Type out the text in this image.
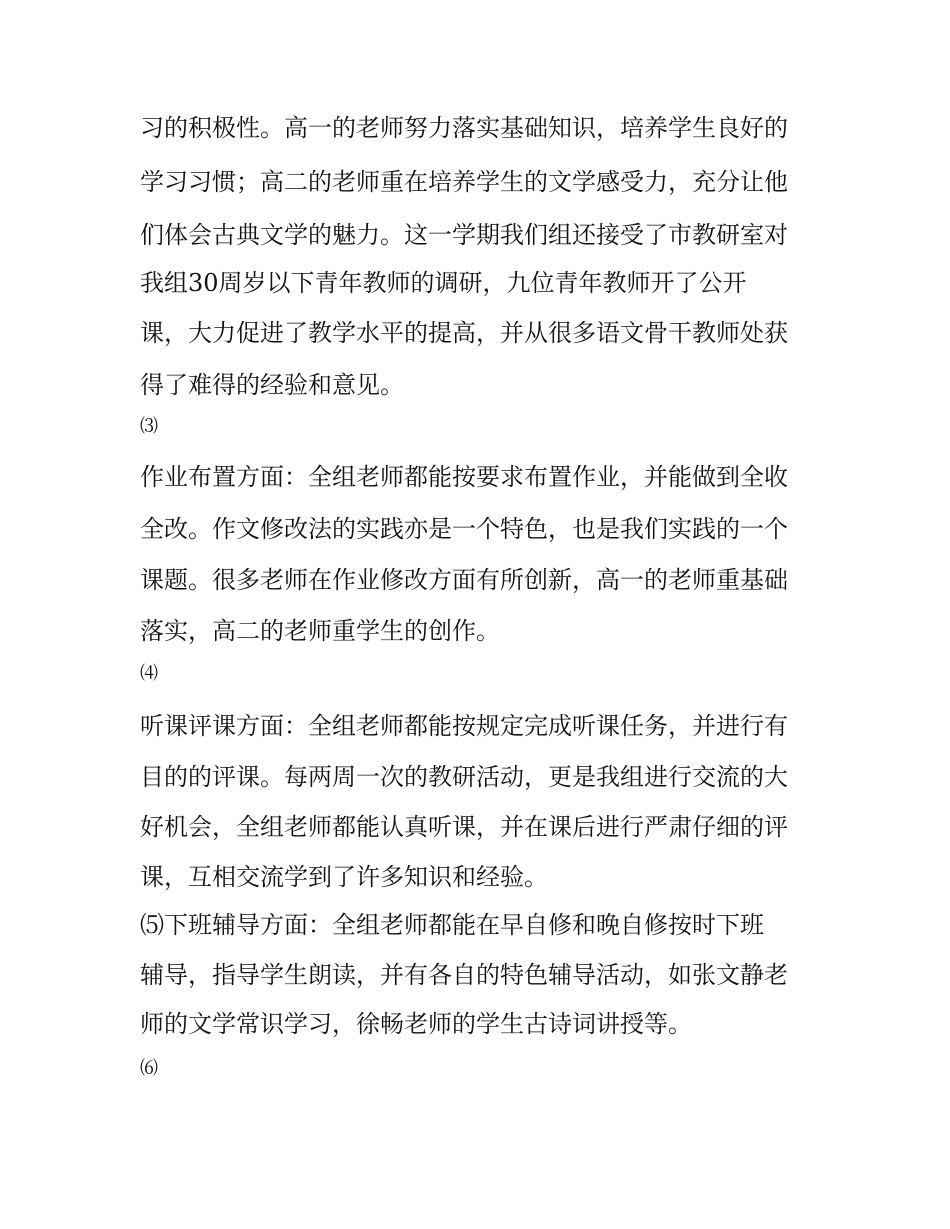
习的积极性。高一的老师努力落实基础知识，培养学生良好的
学习习惯；高二的老师重在培养学生的文学感受力，充分让他
们体会古典文学的魅力。这一学期我们组还接受了市教研室对
我组30周岁以下青年教师的调研，九位青年教师开了公开
课，大力促进了教学水平的提高，并从很多语文骨干教师处获
得了难得的经验和意见。
⑶
作业布置方面：全组老师都能按要求布置作业，并能做到全收
全改。作文修改法的实践亦是一个特色，也是我们实践的一个
课题。很多老师在作业修改方面有所创新，高一的老师重基础
落实，高二的老师重学生的创作。
⑷
听课评课方面：全组老师都能按规定完成听课任务，并进行有
目的的评课。每两周一次的教研活动，更是我组进行交流的大
好机会，全组老师都能认真听课，并在课后进行严肃仔细的评
课，互相交流学到了许多知识和经验。
⑸下班辅导方面：全组老师都能在早自修和晚自修按时下班
辅导，指导学生朗读，并有各自的特色辅导活动，如张文静老
师的文学常识学习，徐畅老师的学生古诗词讲授等。
⑹
